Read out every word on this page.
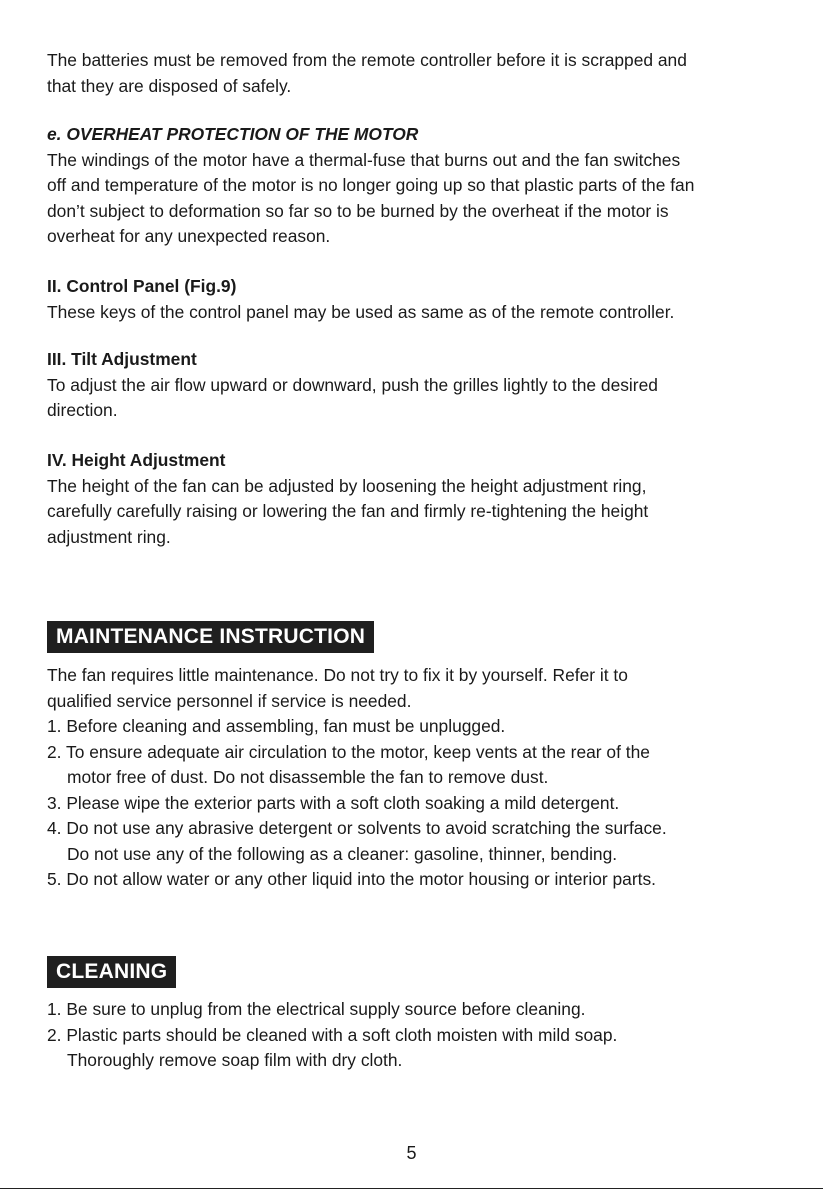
The batteries must be removed from the remote controller before it is scrapped and
that they are disposed of safely.
e. OVERHEAT PROTECTION OF THE MOTOR
The windings of the motor have a thermal-fuse that burns out and the fan switches
off and temperature of the motor is no longer going up so that plastic parts of the fan
don’t subject to deformation so far so to be burned by the overheat if the motor is
overheat for any unexpected reason.
II. Control Panel (Fig.9)
These keys of the control panel may be used as same as of the remote controller.
III. Tilt Adjustment
To adjust the air flow upward or downward, push the grilles lightly to the desired
direction.
IV. Height Adjustment
The height of the fan can be adjusted by loosening the height adjustment ring,
carefully carefully raising or lowering the fan and firmly re-tightening the height
adjustment ring.
MAINTENANCE INSTRUCTION
The fan requires little maintenance. Do not try to fix it by yourself. Refer it to
qualified service personnel if service is needed.
1. Before cleaning and assembling, fan must be unplugged.
2. To ensure adequate air circulation to the motor, keep vents at the rear of the
motor free of dust. Do not disassemble the fan to remove dust.
3. Please wipe the exterior parts with a soft cloth soaking a mild detergent.
4. Do not use any abrasive detergent or solvents to avoid scratching the surface.
Do not use any of the following as a cleaner: gasoline, thinner, bending.
5. Do not allow water or any other liquid into the motor housing or interior parts.
CLEANING
1. Be sure to unplug from the electrical supply source before cleaning.
2. Plastic parts should be cleaned with a soft cloth moisten with mild soap.
Thoroughly remove soap film with dry cloth.
5
